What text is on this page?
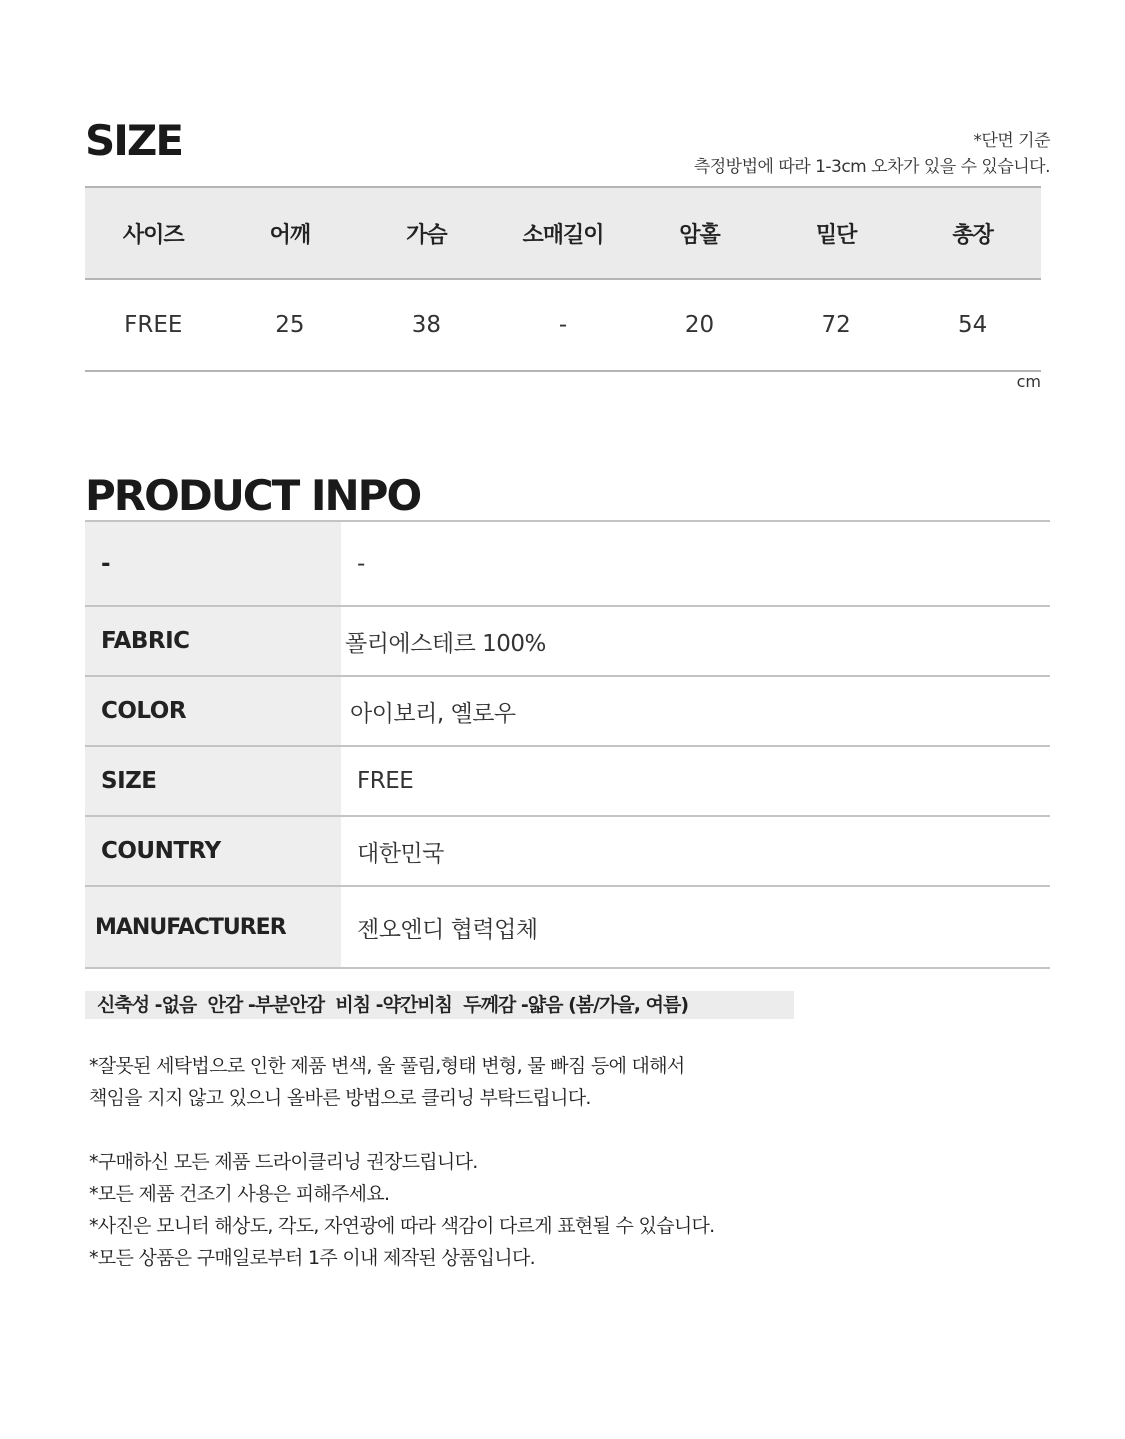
SIZE	*단면 기준
측정방법에 따라 1-3cm 오차가 있을 수 있습니다.
사이즈	어깨	가슴	소매길이	암홀	밑단	총장
FREE	25	38	-	20	72	54
cm
PRODUCT INPO
-	-
FABRIC	폴리에스테르 100%
COLOR	아이보리, 옐로우
SIZE	FREE
COUNTRY	대한민국
MANUFACTURER	젠오엔디 협력업체
신축성 -없음  안감 -부분안감  비침 -약간비침  두께감 -얇음 (봄/가을, 여름)
*잘못된 세탁법으로 인한 제품 변색, 울 풀림,형태 변형, 물 빠짐 등에 대해서
책임을 지지 않고 있으니 올바른 방법으로 클리닝 부탁드립니다.
*구매하신 모든 제품 드라이클리닝 권장드립니다.
*모든 제품 건조기 사용은 피해주세요.
*사진은 모니터 해상도, 각도, 자연광에 따라 색감이 다르게 표현될 수 있습니다.
*모든 상품은 구매일로부터 1주 이내 제작된 상품입니다.
